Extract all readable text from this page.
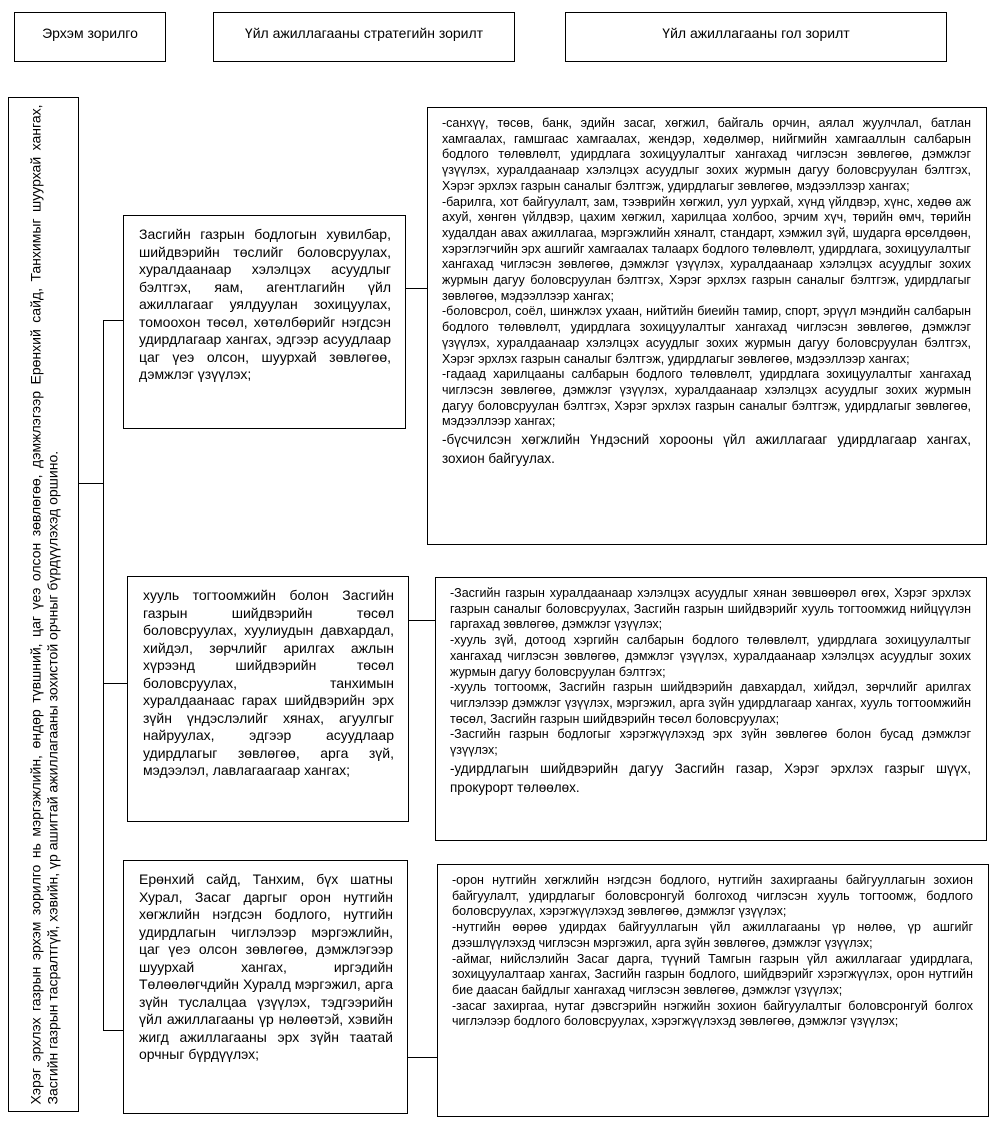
Эрхэм зорилго	Үйл ажиллагааны стратегийн зорилт	Үйл ажиллагааны гол зорилт
Хэрэг эрхлэх газрын эрхэм зорилго нь мэргэжлийн, өндөр түвшний, цаг үеэ олсон зөвлөгөө, дэмжлэгээр Ерөнхий сайд, Танхимыг шуурхай хангах, Засгийн газрын тасралтгүй, хэвийн, үр ашигтай ажиллагааны зохистой орчныг бүрдүүлэхэд оршино.
Засгийн газрын бодлогын хувилбар, шийдвэрийн төслийг боловсруулах, хуралдаанаар хэлэлцэх асуудлыг бэлтгэх, яам, агентлагийн үйл ажиллагааг уялдуулан зохицуулах, томоохон төсөл, хөтөлбөрийг нэгдсэн удирдлагаар хангах, эдгээр асуудлаар цаг үеэ олсон, шуурхай зөвлөгөө, дэмжлэг үзүүлэх;
хууль тогтоомжийн болон Засгийн газрын шийдвэрийн төсөл боловсруулах, хуулиудын давхардал, хийдэл, зөрчлийг арилгах ажлын хүрээнд шийдвэрийн төсөл боловсруулах, танхимын хуралдаанаас гарах шийдвэрийн эрх зүйн үндэслэлийг хянах, агуулгыг найруулах, эдгээр асуудлаар удирдлагыг зөвлөгөө, арга зүй, мэдээлэл, лавлагаагаар хангах;
Ерөнхий сайд, Танхим, бүх шатны Хурал, Засаг даргыг орон нутгийн хөгжлийн нэгдсэн бодлого, нутгийн удирдлагын чиглэлээр мэргэжлийн, цаг үеэ олсон зөвлөгөө, дэмжлэгээр шуурхай хангах, иргэдийн Төлөөлөгчдийн Хуралд мэргэжил, арга зүйн туслалцаа үзүүлэх, тэдгээрийн үйл ажиллагааны үр нөлөөтэй, хэвийн жигд ажиллагааны эрх зүйн таатай орчныг бүрдүүлэх;

-санхүү, төсөв, банк, эдийн засаг, хөгжил, байгаль орчин, аялал жуулчлал, батлан хамгаалах, гамшгаас хамгаалах, жендэр, хөдөлмөр, нийгмийн хамгааллын салбарын бодлого төлөвлөлт, удирдлага зохицуулалтыг хангахад чиглэсэн зөвлөгөө, дэмжлэг үзүүлэх, хуралдаанаар хэлэлцэх асуудлыг зохих журмын дагуу боловсруулан бэлтгэх, Хэрэг эрхлэх газрын саналыг бэлтгэж, удирдлагыг зөвлөгөө, мэдээллээр хангах;

-барилга, хот байгуулалт, зам, тээврийн хөгжил, уул уурхай, хүнд үйлдвэр, хүнс, хөдөө аж ахуй, хөнгөн үйлдвэр, цахим хөгжил, харилцаа холбоо, эрчим хүч, төрийн өмч, төрийн худалдан авах ажиллагаа, мэргэжлийн хяналт, стандарт, хэмжил зүй, шударга өрсөлдөөн, хэрэглэгчийн эрх ашгийг хамгаалах талаарх бодлого төлөвлөлт, удирдлага, зохицуулалтыг хангахад чиглэсэн зөвлөгөө, дэмжлэг үзүүлэх, хуралдаанаар хэлэлцэх асуудлыг зохих журмын дагуу боловсруулан бэлтгэх, Хэрэг эрхлэх газрын саналыг бэлтгэж, удирдлагыг зөвлөгөө, мэдээллээр хангах;

-боловсрол, соёл, шинжлэх ухаан, нийтийн биеийн тамир, спорт, эрүүл мэндийн салбарын бодлого төлөвлөлт, удирдлага зохицуулалтыг хангахад чиглэсэн зөвлөгөө, дэмжлэг үзүүлэх, хуралдаанаар хэлэлцэх асуудлыг зохих журмын дагуу боловсруулан бэлтгэх, Хэрэг эрхлэх газрын саналыг бэлтгэж, удирдлагыг зөвлөгөө, мэдээллээр хангах;

-гадаад харилцааны салбарын бодлого төлөвлөлт, удирдлага зохицуулалтыг хангахад чиглэсэн зөвлөгөө, дэмжлэг үзүүлэх, хуралдаанаар хэлэлцэх асуудлыг зохих журмын дагуу боловсруулан бэлтгэх, Хэрэг эрхлэх газрын саналыг бэлтгэж, удирдлагыг зөвлөгөө, мэдээллээр хангах;

-бүсчилсэн хөгжлийн Үндэсний хорооны үйл ажиллагааг удирдлагаар хангах, зохион байгуулах.

-Засгийн газрын хуралдаанаар хэлэлцэх асуудлыг хянан зөвшөөрөл өгөх, Хэрэг эрхлэх газрын саналыг боловсруулах, Засгийн газрын шийдвэрийг хууль тогтоомжид нийцүүлэн гаргахад зөвлөгөө, дэмжлэг үзүүлэх;

-хууль зүй, дотоод хэргийн салбарын бодлого төлөвлөлт, удирдлага зохицуулалтыг хангахад чиглэсэн зөвлөгөө, дэмжлэг үзүүлэх, хуралдаанаар хэлэлцэх асуудлыг зохих журмын дагуу боловсруулан бэлтгэх;

-хууль тогтоомж, Засгийн газрын шийдвэрийн давхардал, хийдэл, зөрчлийг арилгах чиглэлээр дэмжлэг үзүүлэх, мэргэжил, арга зүйн удирдлагаар хангах, хууль тогтоомжийн төсөл, Засгийн газрын шийдвэрийн төсөл боловсруулах;

-Засгийн газрын бодлогыг хэрэгжүүлэхэд эрх зүйн зөвлөгөө болон бусад дэмжлэг үзүүлэх;

-удирдлагын шийдвэрийн дагуу Засгийн газар, Хэрэг эрхлэх газрыг шүүх, прокурорт төлөөлөх.

-орон нутгийн хөгжлийн нэгдсэн бодлого, нутгийн захиргааны байгууллагын зохион байгуулалт, удирдлагыг боловсронгуй болгоход чиглэсэн хууль тогтоомж, бодлого боловсруулах, хэрэгжүүлэхэд зөвлөгөө, дэмжлэг үзүүлэх;

-нутгийн өөрөө удирдах байгууллагын үйл ажиллагааны үр нөлөө, үр ашгийг дээшлүүлэхэд чиглэсэн мэргэжил, арга зүйн зөвлөгөө, дэмжлэг үзүүлэх;

-аймаг, нийслэлийн Засаг дарга, түүний Тамгын газрын үйл ажиллагааг удирдлага, зохицуулалтаар хангах, Засгийн газрын бодлого, шийдвэрийг хэрэгжүүлэх, орон нутгийн бие даасан байдлыг хангахад чиглэсэн зөвлөгөө, дэмжлэг үзүүлэх;

-засаг захиргаа, нутаг дэвсгэрийн нэгжийн зохион байгуулалтыг боловсронгуй болгох чиглэлээр бодлого боловсруулах, хэрэгжүүлэхэд зөвлөгөө, дэмжлэг үзүүлэх;
